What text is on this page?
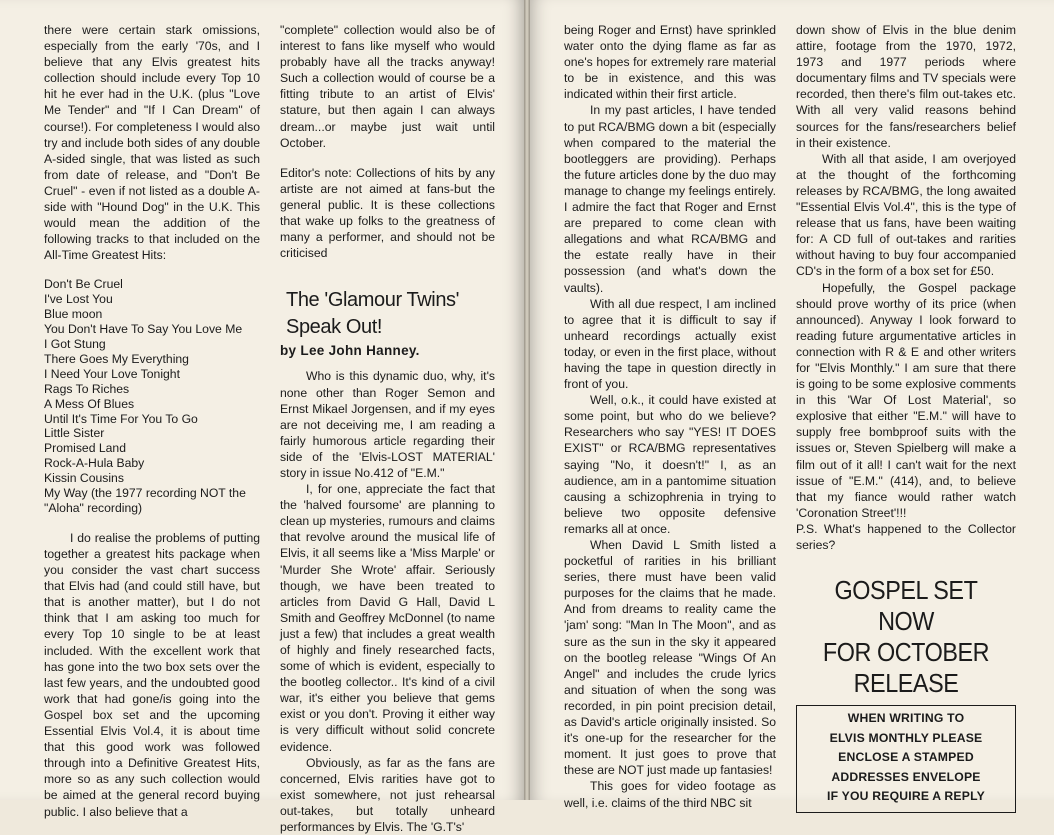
there were certain stark omissions, especially from the early '70s, and I believe that any Elvis greatest hits collection should include every Top 10 hit he ever had in the U.K. (plus "Love Me Tender" and "If I Can Dream" of course!). For completeness I would also try and include both sides of any double A-sided single, that was listed as such from date of release, and "Don't Be Cruel" - even if not listed as a double A-side with "Hound Dog" in the U.K. This would mean the addition of the following tracks to that included on the All-Time Greatest Hits:

Don't Be Cruel
I've Lost You
Blue moon
You Don't Have To Say You Love Me
I Got Stung
There Goes My Everything
I Need Your Love Tonight
Rags To Riches
A Mess Of Blues
Until It's Time For You To Go
Little Sister
Promised Land
Rock-A-Hula Baby
Kissin Cousins
My Way (the 1977 recording NOT the "Aloha" recording)

I do realise the problems of putting together a greatest hits package when you consider the vast chart success that Elvis had (and could still have, but that is another matter), but I do not think that I am asking too much for every Top 10 single to be at least included. With the excellent work that has gone into the two box sets over the last few years, and the undoubted good work that had gone/is going into the Gospel box set and the upcoming Essential Elvis Vol.4, it is about time that this good work was followed through into a Definitive Greatest Hits, more so as any such collection would be aimed at the general record buying public. I also believe that a

"complete" collection would also be of interest to fans like myself who would probably have all the tracks anyway! Such a collection would of course be a fitting tribute to an artist of Elvis' stature, but then again I can always dream...or maybe just wait until October.

Editor's note: Collections of hits by any artiste are not aimed at fans-but the general public. It is these collections that wake up folks to the greatness of many a performer, and should not be criticised

The 'Glamour Twins'
Speak Out!
by Lee John Hanney.

Who is this dynamic duo, why, it's none other than Roger Semon and Ernst Mikael Jorgensen, and if my eyes are not deceiving me, I am reading a fairly humorous article regarding their side of the 'Elvis-LOST MATERIAL' story in issue No.412 of "E.M."

I, for one, appreciate the fact that the 'halved foursome' are planning to clean up mysteries, rumours and claims that revolve around the musical life of Elvis, it all seems like a 'Miss Marple' or 'Murder She Wrote' affair. Seriously though, we have been treated to articles from David G Hall, David L Smith and Geoffrey McDonnel (to name just a few) that includes a great wealth of highly and finely researched facts, some of which is evident, especially to the bootleg collector.. It's kind of a civil war, it's either you believe that gems exist or you don't. Proving it either way is very difficult without solid concrete evidence.

Obviously, as far as the fans are concerned, Elvis rarities have got to exist somewhere, not just rehearsal out-takes, but totally unheard performances by Elvis. The 'G.T's'

being Roger and Ernst) have sprinkled water onto the dying flame as far as one's hopes for extremely rare material to be in existence, and this was indicated within their first article.

In my past articles, I have tended to put RCA/BMG down a bit (especially when compared to the material the bootleggers are providing). Perhaps the future articles done by the duo may manage to change my feelings entirely. I admire the fact that Roger and Ernst are prepared to come clean with allegations and what RCA/BMG and the estate really have in their possession (and what's down the vaults).

With all due respect, I am inclined to agree that it is difficult to say if unheard recordings actually exist today, or even in the first place, without having the tape in question directly in front of you.

Well, o.k., it could have existed at some point, but who do we believe? Researchers who say "YES! IT DOES EXIST" or RCA/BMG representatives saying "No, it doesn't!" I, as an audience, am in a pantomime situation causing a schizophrenia in trying to believe two opposite defensive remarks all at once.

When David L Smith listed a pocketful of rarities in his brilliant series, there must have been valid purposes for the claims that he made. And from dreams to reality came the 'jam' song: "Man In The Moon", and as sure as the sun in the sky it appeared on the bootleg release "Wings Of An Angel" and includes the crude lyrics and situation of when the song was recorded, in pin point precision detail, as David's article originally insisted. So it's one-up for the researcher for the moment. It just goes to prove that these are NOT just made up fantasies!

This goes for video footage as well, i.e. claims of the third NBC sit

down show of Elvis in the blue denim attire, footage from the 1970, 1972, 1973 and 1977 periods where documentary films and TV specials were recorded, then there's film out-takes etc. With all very valid reasons behind sources for the fans/researchers belief in their existence.

With all that aside, I am overjoyed at the thought of the forthcoming releases by RCA/BMG, the long awaited "Essential Elvis Vol.4", this is the type of release that us fans, have been waiting for: A CD full of out-takes and rarities without having to buy four accompanied CD's in the form of a box set for £50.

Hopefully, the Gospel package should prove worthy of its price (when announced). Anyway I look forward to reading future argumentative articles in connection with R & E and other writers for "Elvis Monthly." I am sure that there is going to be some explosive comments in this 'War Of Lost Material', so explosive that either "E.M." will have to supply free bombproof suits with the issues or, Steven Spielberg will make a film out of it all! I can't wait for the next issue of "E.M." (414), and, to believe that my fiance would rather watch 'Coronation Street'!!!

P.S. What's happened to the Collector series?

GOSPEL SET NOW
FOR OCTOBER
RELEASE
WHEN WRITING TO
ELVIS MONTHLY PLEASE
ENCLOSE A STAMPED
ADDRESSES ENVELOPE
IF YOU REQUIRE A REPLY
